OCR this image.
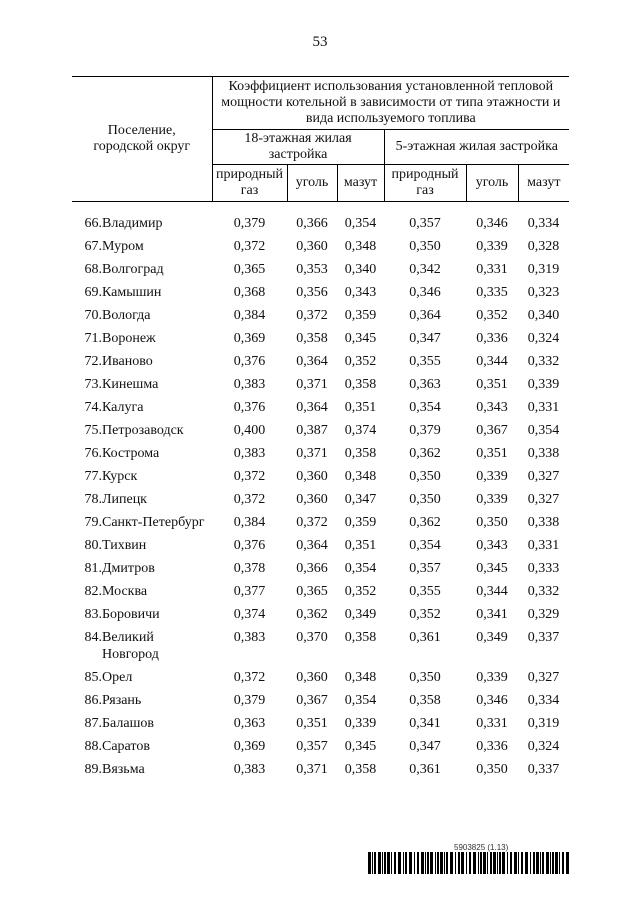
53
Поселение, городской округ		Коэффициент использования установленной тепловой мощности котельной в зависимости от типа этажности и вида используемого топлива					
		18-этажная жилая застройка			5-этажная жилая застройка		
		природный газ	уголь	мазут	природный газ	уголь	мазут

66.	Владимир	0,379	0,366	0,354	0,357	0,346	0,334
67.	Муром	0,372	0,360	0,348	0,350	0,339	0,328
68.	Волгоград	0,365	0,353	0,340	0,342	0,331	0,319
69.	Камышин	0,368	0,356	0,343	0,346	0,335	0,323
70.	Вологда	0,384	0,372	0,359	0,364	0,352	0,340
71.	Воронеж	0,369	0,358	0,345	0,347	0,336	0,324
72.	Иваново	0,376	0,364	0,352	0,355	0,344	0,332
73.	Кинешма	0,383	0,371	0,358	0,363	0,351	0,339
74.	Калуга	0,376	0,364	0,351	0,354	0,343	0,331
75.	Петрозаводск	0,400	0,387	0,374	0,379	0,367	0,354
76.	Кострома	0,383	0,371	0,358	0,362	0,351	0,338
77.	Курск	0,372	0,360	0,348	0,350	0,339	0,327
78.	Липецк	0,372	0,360	0,347	0,350	0,339	0,327
79.	Санкт-Петербург	0,384	0,372	0,359	0,362	0,350	0,338
80.	Тихвин	0,376	0,364	0,351	0,354	0,343	0,331
81.	Дмитров	0,378	0,366	0,354	0,357	0,345	0,333
82.	Москва	0,377	0,365	0,352	0,355	0,344	0,332
83.	Боровичи	0,374	0,362	0,349	0,352	0,341	0,329
84.	Великий Новгород	0,383	0,370	0,358	0,361	0,349	0,337
85.	Орел	0,372	0,360	0,348	0,350	0,339	0,327
86.	Рязань	0,379	0,367	0,354	0,358	0,346	0,334
87.	Балашов	0,363	0,351	0,339	0,341	0,331	0,319
88.	Саратов	0,369	0,357	0,345	0,347	0,336	0,324
89.	Вязьма	0,383	0,371	0,358	0,361	0,350	0,337
5903825 (1.13)
